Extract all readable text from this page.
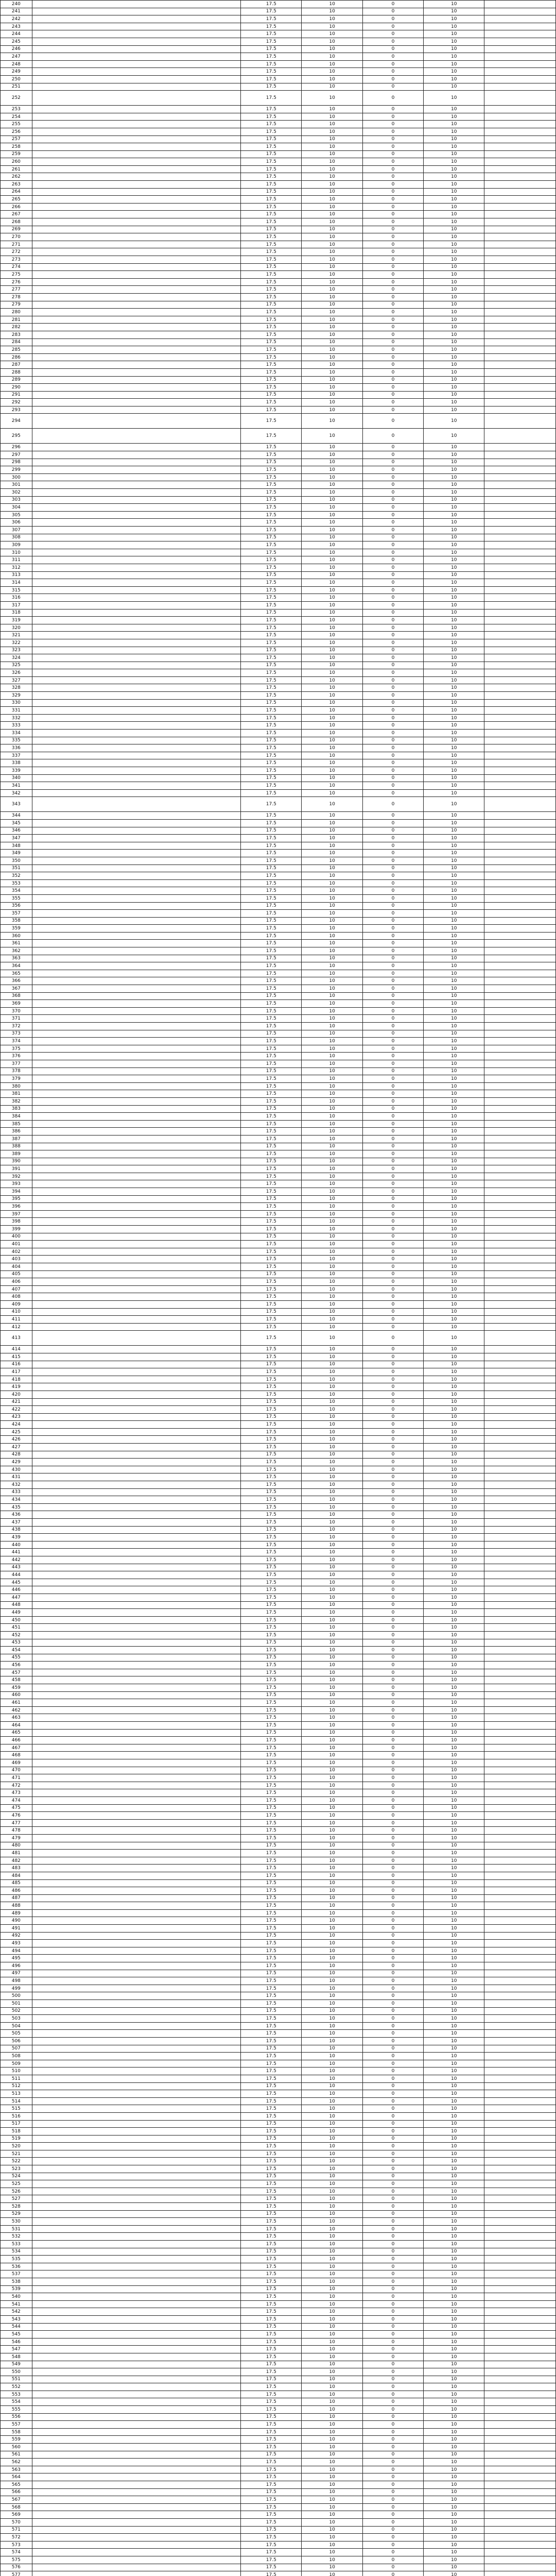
240		17.5	10	0	10	
241		17.5	10	0	10	
242		17.5	10	0	10	
243		17.5	10	0	10	
244		17.5	10	0	10	
245		17.5	10	0	10	
246		17.5	10	0	10	
247		17.5	10	0	10	
248		17.5	10	0	10	
249		17.5	10	0	10	
250		17.5	10	0	10	
251		17.5	10	0	10	
252		17.5	10	0	10	
253		17.5	10	0	10	
254		17.5	10	0	10	
255		17.5	10	0	10	
256		17.5	10	0	10	
257		17.5	10	0	10	
258		17.5	10	0	10	
259		17.5	10	0	10	
260		17.5	10	0	10	
261		17.5	10	0	10	
262		17.5	10	0	10	
263		17.5	10	0	10	
264		17.5	10	0	10	
265		17.5	10	0	10	
266		17.5	10	0	10	
267		17.5	10	0	10	
268		17.5	10	0	10	
269		17.5	10	0	10	
270		17.5	10	0	10	
271		17.5	10	0	10	
272		17.5	10	0	10	
273		17.5	10	0	10	
274		17.5	10	0	10	
275		17.5	10	0	10	
276		17.5	10	0	10	
277		17.5	10	0	10	
278		17.5	10	0	10	
279		17.5	10	0	10	
280		17.5	10	0	10	
281		17.5	10	0	10	
282		17.5	10	0	10	
283		17.5	10	0	10	
284		17.5	10	0	10	
285		17.5	10	0	10	
286		17.5	10	0	10	
287		17.5	10	0	10	
288		17.5	10	0	10	
289		17.5	10	0	10	
290		17.5	10	0	10	
291		17.5	10	0	10	
292		17.5	10	0	10	
293		17.5	10	0	10	
294		17.5	10	0	10	
295		17.5	10	0	10	
296		17.5	10	0	10	
297		17.5	10	0	10	
298		17.5	10	0	10	
299		17.5	10	0	10	
300		17.5	10	0	10	
301		17.5	10	0	10	
302		17.5	10	0	10	
303		17.5	10	0	10	
304		17.5	10	0	10	
305		17.5	10	0	10	
306		17.5	10	0	10	
307		17.5	10	0	10	
308		17.5	10	0	10	
309		17.5	10	0	10	
310		17.5	10	0	10	
311		17.5	10	0	10	
312		17.5	10	0	10	
313		17.5	10	0	10	
314		17.5	10	0	10	
315		17.5	10	0	10	
316		17.5	10	0	10	
317		17.5	10	0	10	
318		17.5	10	0	10	
319		17.5	10	0	10	
320		17.5	10	0	10	
321		17.5	10	0	10	
322		17.5	10	0	10	
323		17.5	10	0	10	
324		17.5	10	0	10	
325		17.5	10	0	10	
326		17.5	10	0	10	
327		17.5	10	0	10	
328		17.5	10	0	10	
329		17.5	10	0	10	
330		17.5	10	0	10	
331		17.5	10	0	10	
332		17.5	10	0	10	
333		17.5	10	0	10	
334		17.5	10	0	10	
335		17.5	10	0	10	
336		17.5	10	0	10	
337		17.5	10	0	10	
338		17.5	10	0	10	
339		17.5	10	0	10	
340		17.5	10	0	10	
341		17.5	10	0	10	
342		17.5	10	0	10	
343		17.5	10	0	10	
344		17.5	10	0	10	
345		17.5	10	0	10	
346		17.5	10	0	10	
347		17.5	10	0	10	
348		17.5	10	0	10	
349		17.5	10	0	10	
350		17.5	10	0	10	
351		17.5	10	0	10	
352		17.5	10	0	10	
353		17.5	10	0	10	
354		17.5	10	0	10	
355		17.5	10	0	10	
356		17.5	10	0	10	
357		17.5	10	0	10	
358		17.5	10	0	10	
359		17.5	10	0	10	
360		17.5	10	0	10	
361		17.5	10	0	10	
362		17.5	10	0	10	
363		17.5	10	0	10	
364		17.5	10	0	10	
365		17.5	10	0	10	
366		17.5	10	0	10	
367		17.5	10	0	10	
368		17.5	10	0	10	
369		17.5	10	0	10	
370		17.5	10	0	10	
371		17.5	10	0	10	
372		17.5	10	0	10	
373		17.5	10	0	10	
374		17.5	10	0	10	
375		17.5	10	0	10	
376		17.5	10	0	10	
377		17.5	10	0	10	
378		17.5	10	0	10	
379		17.5	10	0	10	
380		17.5	10	0	10	
381		17.5	10	0	10	
382		17.5	10	0	10	
383		17.5	10	0	10	
384		17.5	10	0	10	
385		17.5	10	0	10	
386		17.5	10	0	10	
387		17.5	10	0	10	
388		17.5	10	0	10	
389		17.5	10	0	10	
390		17.5	10	0	10	
391		17.5	10	0	10	
392		17.5	10	0	10	
393		17.5	10	0	10	
394		17.5	10	0	10	
395		17.5	10	0	10	
396		17.5	10	0	10	
397		17.5	10	0	10	
398		17.5	10	0	10	
399		17.5	10	0	10	
400		17.5	10	0	10	
401		17.5	10	0	10	
402		17.5	10	0	10	
403		17.5	10	0	10	
404		17.5	10	0	10	
405		17.5	10	0	10	
406		17.5	10	0	10	
407		17.5	10	0	10	
408		17.5	10	0	10	
409		17.5	10	0	10	
410		17.5	10	0	10	
411		17.5	10	0	10	
412		17.5	10	0	10	
413		17.5	10	0	10	
414		17.5	10	0	10	
415		17.5	10	0	10	
416		17.5	10	0	10	
417		17.5	10	0	10	
418		17.5	10	0	10	
419		17.5	10	0	10	
420		17.5	10	0	10	
421		17.5	10	0	10	
422		17.5	10	0	10	
423		17.5	10	0	10	
424		17.5	10	0	10	
425		17.5	10	0	10	
426		17.5	10	0	10	
427		17.5	10	0	10	
428		17.5	10	0	10	
429		17.5	10	0	10	
430		17.5	10	0	10	
431		17.5	10	0	10	
432		17.5	10	0	10	
433		17.5	10	0	10	
434		17.5	10	0	10	
435		17.5	10	0	10	
436		17.5	10	0	10	
437		17.5	10	0	10	
438		17.5	10	0	10	
439		17.5	10	0	10	
440		17.5	10	0	10	
441		17.5	10	0	10	
442		17.5	10	0	10	
443		17.5	10	0	10	
444		17.5	10	0	10	
445		17.5	10	0	10	
446		17.5	10	0	10	
447		17.5	10	0	10	
448		17.5	10	0	10	
449		17.5	10	0	10	
450		17.5	10	0	10	
451		17.5	10	0	10	
452		17.5	10	0	10	
453		17.5	10	0	10	
454		17.5	10	0	10	
455		17.5	10	0	10	
456		17.5	10	0	10	
457		17.5	10	0	10	
458		17.5	10	0	10	
459		17.5	10	0	10	
460		17.5	10	0	10	
461		17.5	10	0	10	
462		17.5	10	0	10	
463		17.5	10	0	10	
464		17.5	10	0	10	
465		17.5	10	0	10	
466		17.5	10	0	10	
467		17.5	10	0	10	
468		17.5	10	0	10	
469		17.5	10	0	10	
470		17.5	10	0	10	
471		17.5	10	0	10	
472		17.5	10	0	10	
473		17.5	10	0	10	
474		17.5	10	0	10	
475		17.5	10	0	10	
476		17.5	10	0	10	
477		17.5	10	0	10	
478		17.5	10	0	10	
479		17.5	10	0	10	
480		17.5	10	0	10	
481		17.5	10	0	10	
482		17.5	10	0	10	
483		17.5	10	0	10	
484		17.5	10	0	10	
485		17.5	10	0	10	
486		17.5	10	0	10	
487		17.5	10	0	10	
488		17.5	10	0	10	
489		17.5	10	0	10	
490		17.5	10	0	10	
491		17.5	10	0	10	
492		17.5	10	0	10	
493		17.5	10	0	10	
494		17.5	10	0	10	
495		17.5	10	0	10	
496		17.5	10	0	10	
497		17.5	10	0	10	
498		17.5	10	0	10	
499		17.5	10	0	10	
500		17.5	10	0	10	
501		17.5	10	0	10	
502		17.5	10	0	10	
503		17.5	10	0	10	
504		17.5	10	0	10	
505		17.5	10	0	10	
506		17.5	10	0	10	
507		17.5	10	0	10	
508		17.5	10	0	10	
509		17.5	10	0	10	
510		17.5	10	0	10	
511		17.5	10	0	10	
512		17.5	10	0	10	
513		17.5	10	0	10	
514		17.5	10	0	10	
515		17.5	10	0	10	
516		17.5	10	0	10	
517		17.5	10	0	10	
518		17.5	10	0	10	
519		17.5	10	0	10	
520		17.5	10	0	10	
521		17.5	10	0	10	
522		17.5	10	0	10	
523		17.5	10	0	10	
524		17.5	10	0	10	
525		17.5	10	0	10	
526		17.5	10	0	10	
527		17.5	10	0	10	
528		17.5	10	0	10	
529		17.5	10	0	10	
530		17.5	10	0	10	
531		17.5	10	0	10	
532		17.5	10	0	10	
533		17.5	10	0	10	
534		17.5	10	0	10	
535		17.5	10	0	10	
536		17.5	10	0	10	
537		17.5	10	0	10	
538		17.5	10	0	10	
539		17.5	10	0	10	
540		17.5	10	0	10	
541		17.5	10	0	10	
542		17.5	10	0	10	
543		17.5	10	0	10	
544		17.5	10	0	10	
545		17.5	10	0	10	
546		17.5	10	0	10	
547		17.5	10	0	10	
548		17.5	10	0	10	
549		17.5	10	0	10	
550		17.5	10	0	10	
551		17.5	10	0	10	
552		17.5	10	0	10	
553		17.5	10	0	10	
554		17.5	10	0	10	
555		17.5	10	0	10	
556		17.5	10	0	10	
557		17.5	10	0	10	
558		17.5	10	0	10	
559		17.5	10	0	10	
560		17.5	10	0	10	
561		17.5	10	0	10	
562		17.5	10	0	10	
563		17.5	10	0	10	
564		17.5	10	0	10	
565		17.5	10	0	10	
566		17.5	10	0	10	
567		17.5	10	0	10	
568		17.5	10	0	10	
569		17.5	10	0	10	
570		17.5	10	0	10	
571		17.5	10	0	10	
572		17.5	10	0	10	
573		17.5	10	0	10	
574		17.5	10	0	10	
575		17.5	10	0	10	
576		17.5	10	0	10	
577		17.5	10	0	10	
